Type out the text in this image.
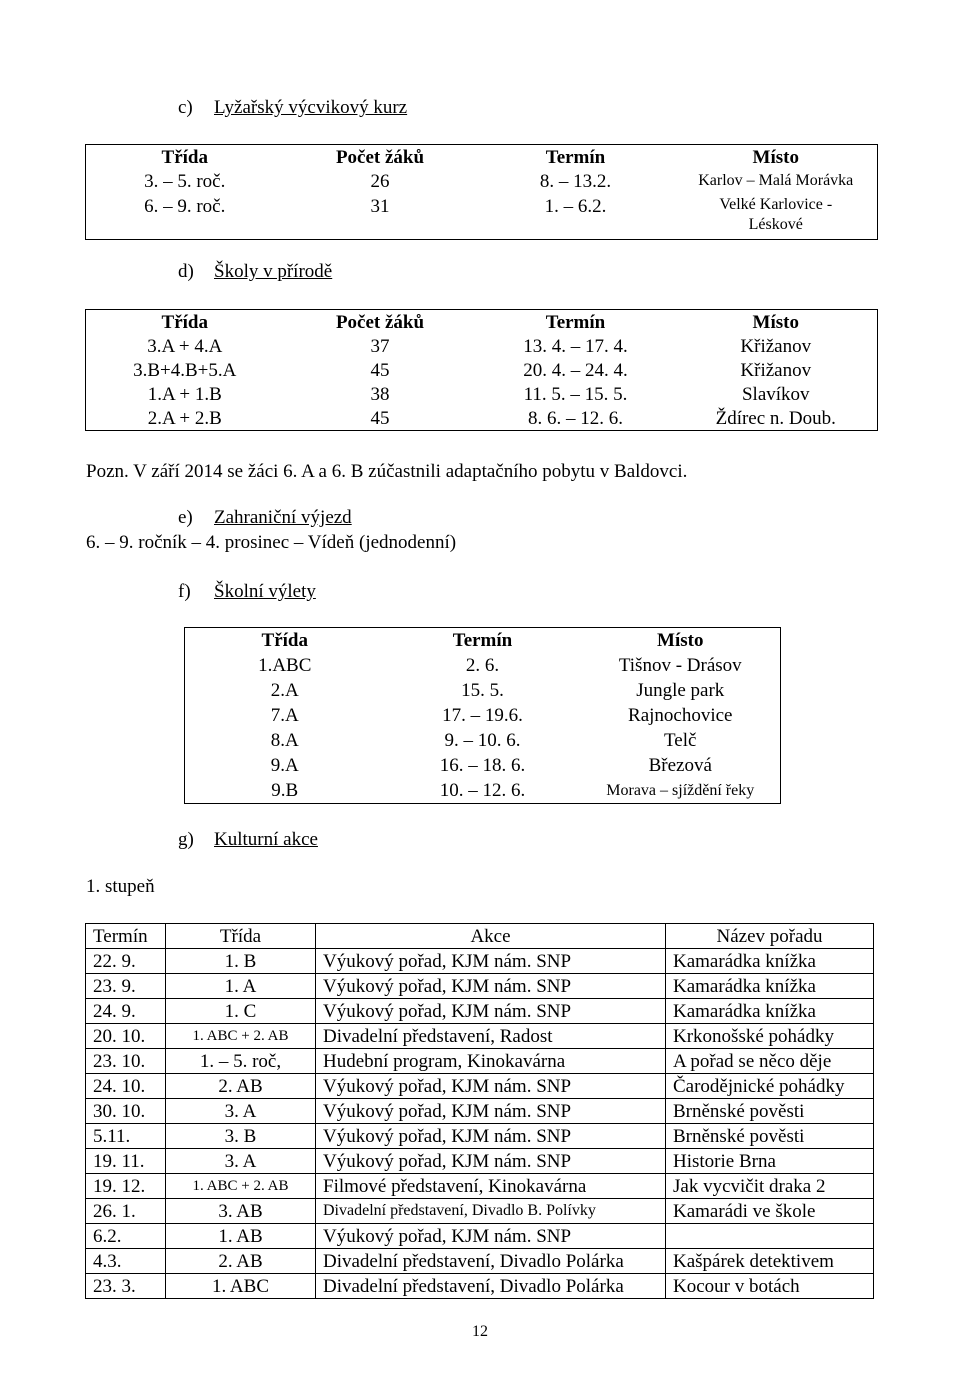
c) Lyžařský výcvikový kurz
Třída	Počet žáků	Termín	Místo
3. – 5. roč.	26	8. – 13.2.	Karlov – Malá Morávka
6. – 9. roč.	31	1. – 6.2.	Velké Karlovice -
Léskové
d) Školy v přírodě
Třída	Počet žáků	Termín	Místo
3.A + 4.A	37	13. 4. – 17. 4.	Křižanov
3.B+4.B+5.A	45	20. 4. – 24. 4.	Křižanov
1.A + 1.B	38	11. 5. – 15. 5.	Slavíkov
2.A + 2.B	45	8. 6. – 12. 6.	Ždírec n. Doub.
Pozn. V září 2014 se žáci 6. A a 6. B zúčastnili adaptačního pobytu v Baldovci.
e) Zahraniční výjezd
6. – 9. ročník – 4. prosinec – Vídeň (jednodenní)
f) Školní výlety
Třída	Termín	Místo
1.ABC	2. 6.	Tišnov - Drásov
2.A	15. 5.	Jungle park
7.A	17. – 19.6.	Rajnochovice
8.A	9. – 10. 6.	Telč
9.A	16. – 18. 6.	Březová
9.B	10. – 12. 6.	Morava – sjíždění řeky
g) Kulturní akce
1. stupeň
Termín	Třída	Akce	Název pořadu
22. 9.	1. B	Výukový pořad, KJM nám. SNP	Kamarádka knížka
23. 9.	1. A	Výukový pořad, KJM nám. SNP	Kamarádka knížka
24. 9.	1. C	Výukový pořad, KJM nám. SNP	Kamarádka knížka
20. 10.	1. ABC + 2. AB	Divadelní představení, Radost	Krkonošské pohádky
23. 10.	1. – 5. roč,	Hudební program, Kinokavárna	A pořad se něco děje
24. 10.	2. AB	Výukový pořad, KJM nám. SNP	Čarodějnické pohádky
30. 10.	3. A	Výukový pořad, KJM nám. SNP	Brněnské pověsti
5.11.	3. B	Výukový pořad, KJM nám. SNP	Brněnské pověsti
19. 11.	3. A	Výukový pořad, KJM nám. SNP	Historie Brna
19. 12.	1. ABC + 2. AB	Filmové představení, Kinokavárna	Jak vycvičit draka 2
26. 1.	3. AB	Divadelní představení, Divadlo B. Polívky	Kamarádi ve škole
6.2.	1. AB	Výukový pořad, KJM nám. SNP	
4.3.	2. AB	Divadelní představení, Divadlo Polárka	Kašpárek detektivem
23. 3.	1. ABC	Divadelní představení, Divadlo Polárka	Kocour v botách
12
